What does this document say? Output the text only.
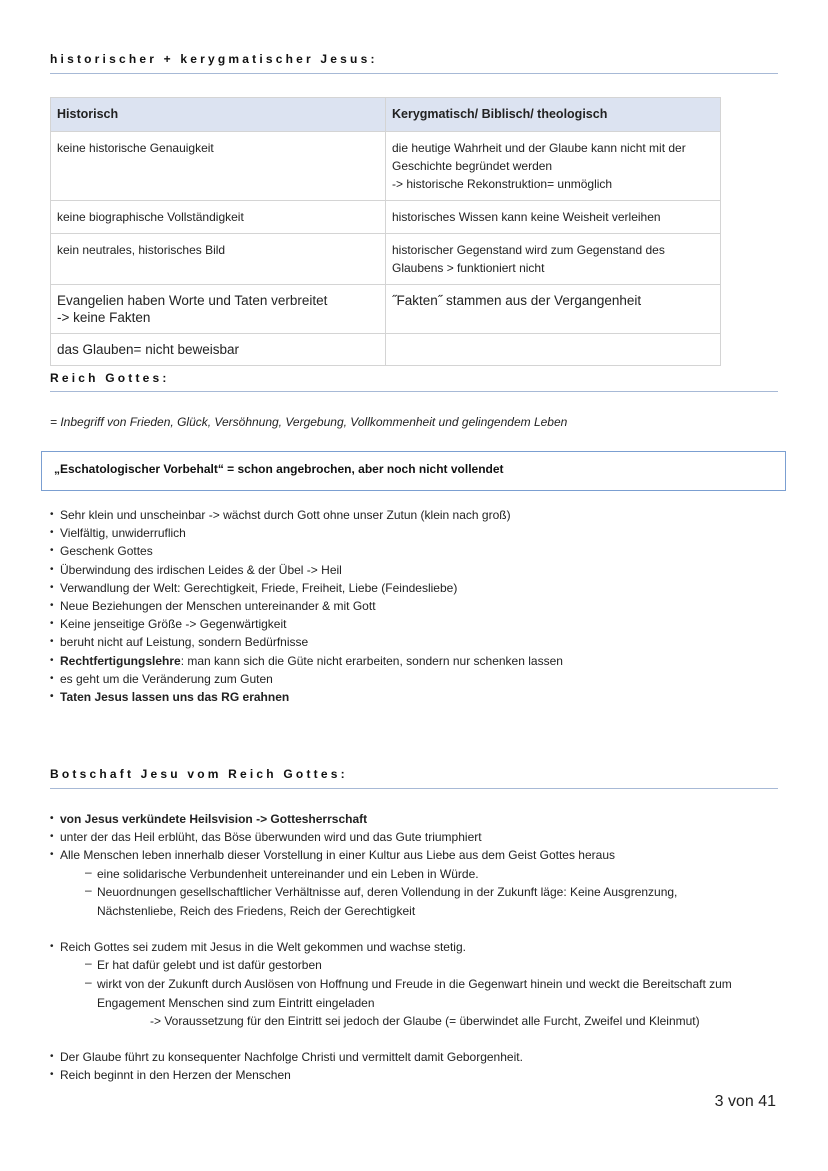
historischer + kerygmatischer Jesus:
Historisch	Kerygmatisch/ Biblisch/ theologisch
keine historische Genauigkeit	die heutige Wahrheit und der Glaube kann nicht mit der
Geschichte begründet werden
-> historische Rekonstruktion= unmöglich

keine biographische Vollständigkeit	historisches Wissen kann keine Weisheit verleihen
kein neutrales, historisches Bild	historischer Gegenstand wird zum Gegenstand des
Glaubens > funktioniert nicht

Evangelien haben Worte und Taten verbreitet
-> keine Fakten	˝Fakten˝ stammen aus der Vergangenheit
das Glauben= nicht beweisbar	
Reich Gottes:
= Inbegriff von Frieden, Glück, Versöhnung, Vergebung, Vollkommenheit und gelingendem Leben
„Eschatologischer Vorbehalt“ = schon angebrochen, aber noch nicht vollendet
• Sehr klein und unscheinbar -> wächst durch Gott ohne unser Zutun (klein nach groß)
• Vielfältig, unwiderruflich
• Geschenk Gottes
• Überwindung des irdischen Leides & der Übel -> Heil
• Verwandlung der Welt: Gerechtigkeit, Friede, Freiheit, Liebe (Feindesliebe)
• Neue Beziehungen der Menschen untereinander & mit Gott
• Keine jenseitige Größe -> Gegenwärtigkeit
• beruht nicht auf Leistung, sondern Bedürfnisse
• Rechtfertigungslehre: man kann sich die Güte nicht erarbeiten, sondern nur schenken lassen
• es geht um die Veränderung zum Guten
• Taten Jesus lassen uns das RG erahnen
Botschaft Jesu vom Reich Gottes:
• von Jesus verkündete Heilsvision -> Gottesherrschaft
• unter der das Heil erblüht, das Böse überwunden wird und das Gute triumphiert
• Alle Menschen leben innerhalb dieser Vorstellung in einer Kultur aus Liebe aus dem Geist Gottes heraus
– eine solidarische Verbundenheit untereinander und ein Leben in Würde.
– Neuordnungen gesellschaftlicher Verhältnisse auf, deren Vollendung in der Zukunft läge: Keine Ausgrenzung,
Nächstenliebe, Reich des Friedens, Reich der Gerechtigkeit
• Reich Gottes sei zudem mit Jesus in die Welt gekommen und wachse stetig.
– Er hat dafür gelebt und ist dafür gestorben
– wirkt von der Zukunft durch Auslösen von Hoffnung und Freude in die Gegenwart hinein und weckt die Bereitschaft zum
Engagement Menschen sind zum Eintritt eingeladen
-> Voraussetzung für den Eintritt sei jedoch der Glaube (= überwindet alle Furcht, Zweifel und Kleinmut)
• Der Glaube führt zu konsequenter Nachfolge Christi und vermittelt damit Geborgenheit.
• Reich beginnt in den Herzen der Menschen
3 von 41
